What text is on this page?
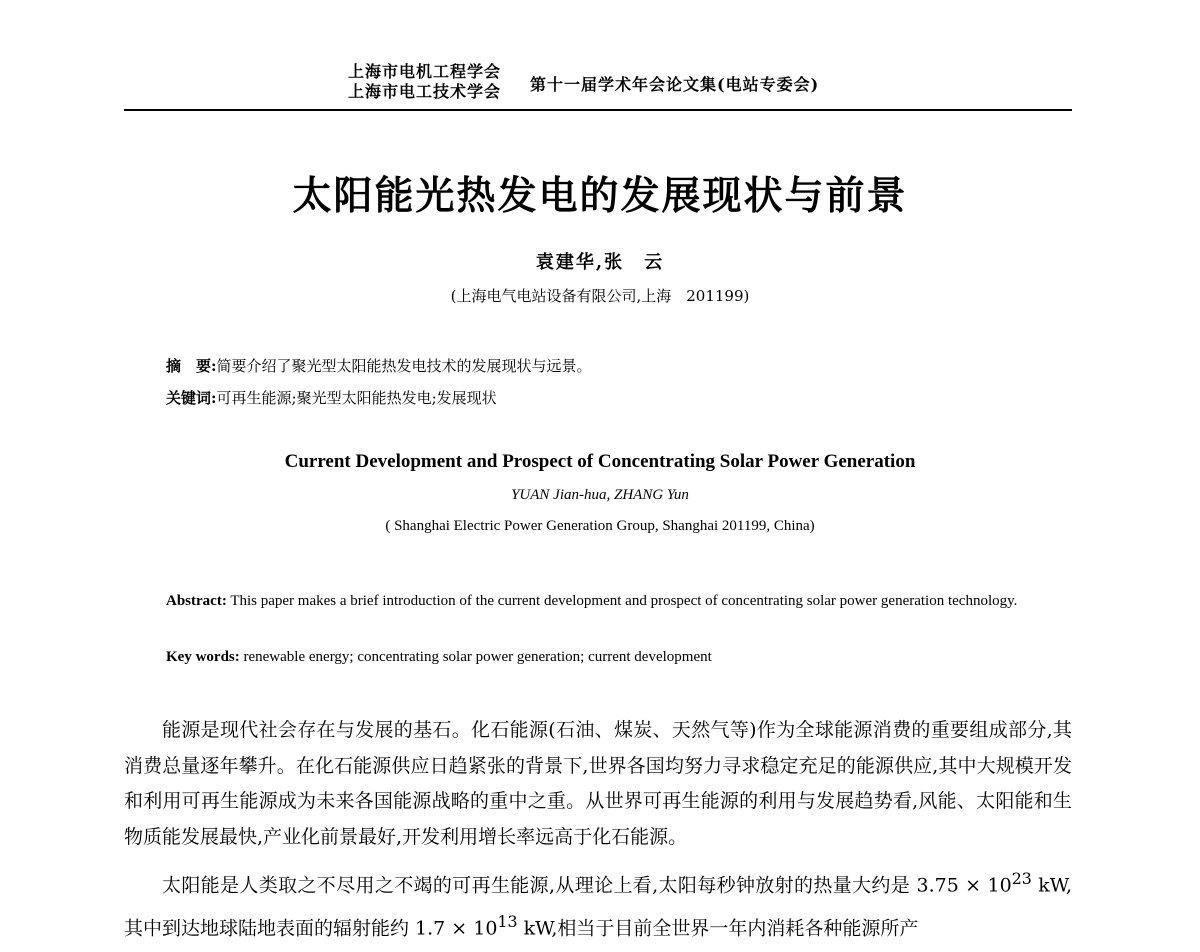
上海市电机工程学会
上海市电工技术学会 第十一届学术年会论文集(电站专委会)
太阳能光热发电的发展现状与前景
袁建华,张　云
(上海电气电站设备有限公司,上海　201199)
摘　要:简要介绍了聚光型太阳能热发电技术的发展现状与远景。
关键词:可再生能源;聚光型太阳能热发电;发展现状
Current Development and Prospect of Concentrating Solar Power Generation
YUAN Jian-hua, ZHANG Yun
( Shanghai Electric Power Generation Group, Shanghai 201199, China)
Abstract: This paper makes a brief introduction of the current development and prospect of concentrating solar power generation technology.
Key words: renewable energy; concentrating solar power generation; current development

能源是现代社会存在与发展的基石。化石能源(石油、煤炭、天然气等)作为全球能源消费的重要组成部分,其消费总量逐年攀升。在化石能源供应日趋紧张的背景下,世界各国均努力寻求稳定充足的能源供应,其中大规模开发和利用可再生能源成为未来各国能源战略的重中之重。从世界可再生能源的利用与发展趋势看,风能、太阳能和生物质能发展最快,产业化前景最好,开发利用增长率远高于化石能源。

太阳能是人类取之不尽用之不竭的可再生能源,从理论上看,太阳每秒钟放射的热量大约是 $3.75 \times 10^{23}$ kW,其中到达地球陆地表面的辐射能约 $1.7 \times 10^{13}$ kW,相当于目前全世界一年内消耗各种能源所产
